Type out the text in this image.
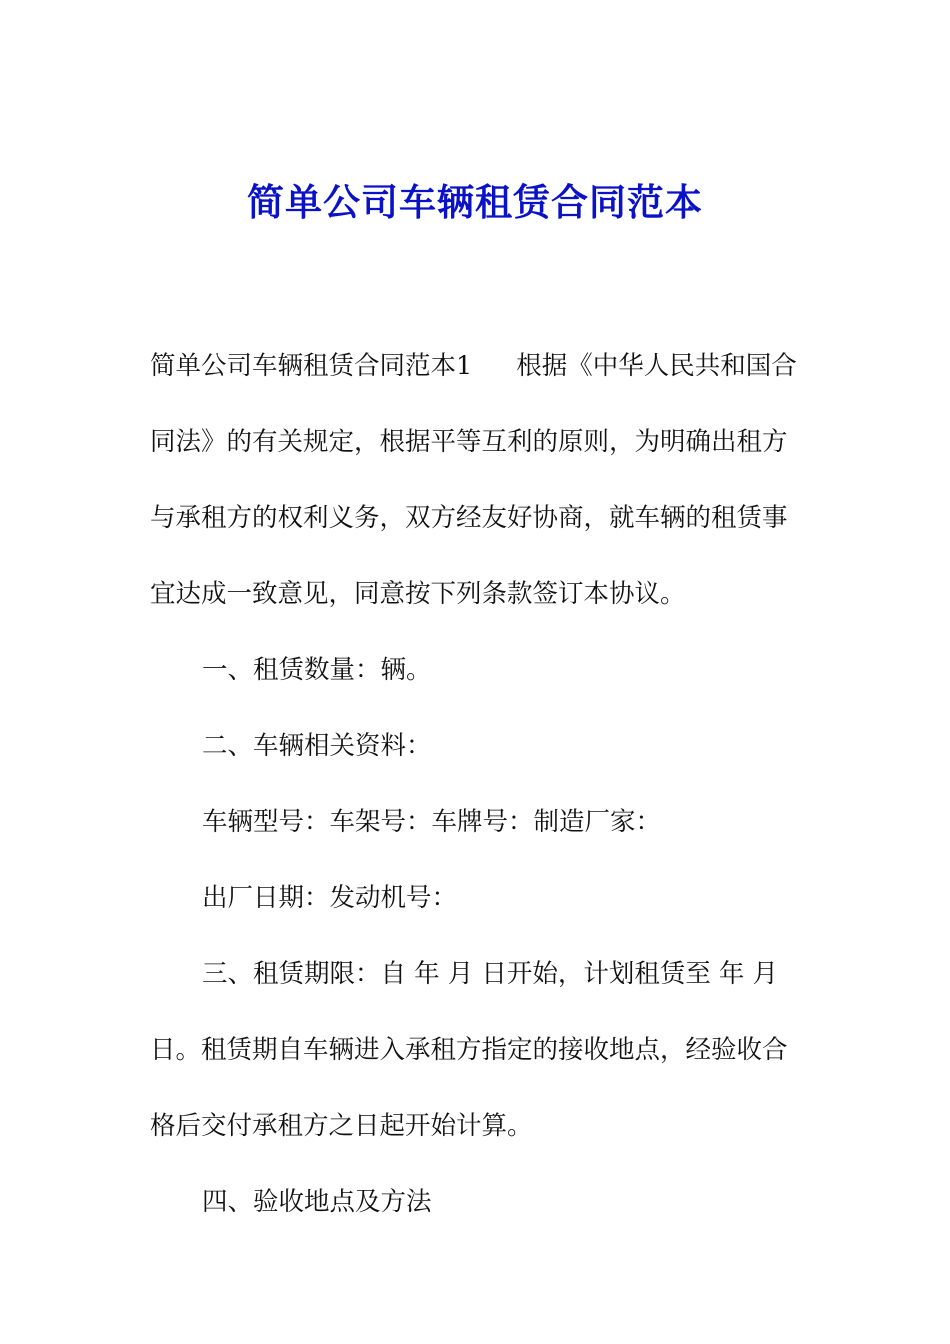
简单公司车辆租赁合同范本

简单公司车辆租赁合同范本1 根据《中华人民共和国合同法》的有关规定，根据平等互利的原则，为明确出租方与承租方的权利义务，双方经友好协商，就车辆的租赁事宜达成一致意见，同意按下列条款签订本协议。

一、租赁数量：辆。

二、车辆相关资料：

车辆型号：车架号：车牌号：制造厂家：

出厂日期：发动机号：

三、租赁期限：自 年 月 日开始，计划租赁至 年 月 日。租赁期自车辆进入承租方指定的接收地点，经验收合格后交付承租方之日起开始计算。

四、验收地点及方法
